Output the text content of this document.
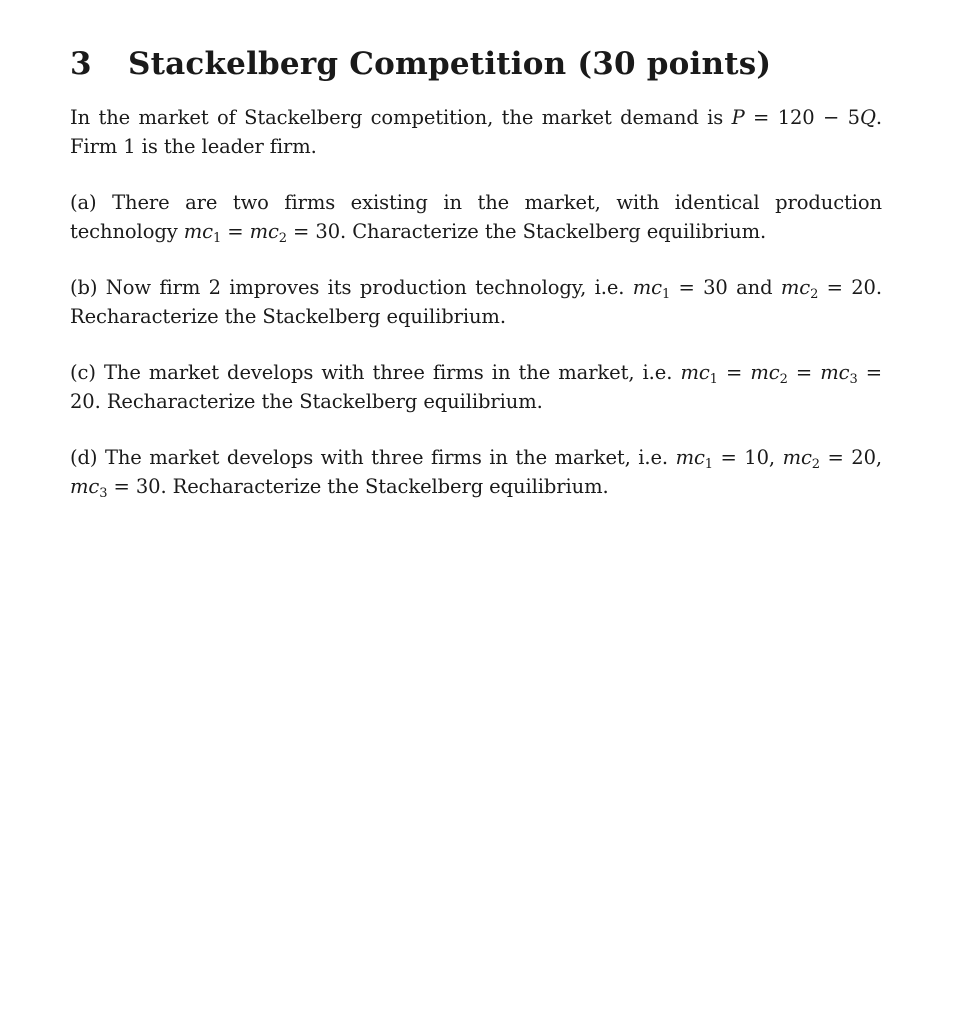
3	Stackelberg Competition (30 points)

In the market of Stackelberg competition, the market demand is P = 120 − 5Q. Firm 1 is the leader firm.

(a) There are two firms existing in the market, with identical production technology $mc_1 = mc_2 = 30$. Characterize the Stackelberg equilibrium.

(b) Now firm 2 improves its production technology, i.e. $mc_1 = 30$ and $mc_2 = 20$. Recharacterize the Stackelberg equilibrium.

(c) The market develops with three firms in the market, i.e. $mc_1 = mc_2 = mc_3 = 20$. Recharacterize the Stackelberg equilibrium.

(d) The market develops with three firms in the market, i.e. $mc_1 = 10$, $mc_2 = 20$, $mc_3 = 30$. Recharacterize the Stackelberg equilibrium.
